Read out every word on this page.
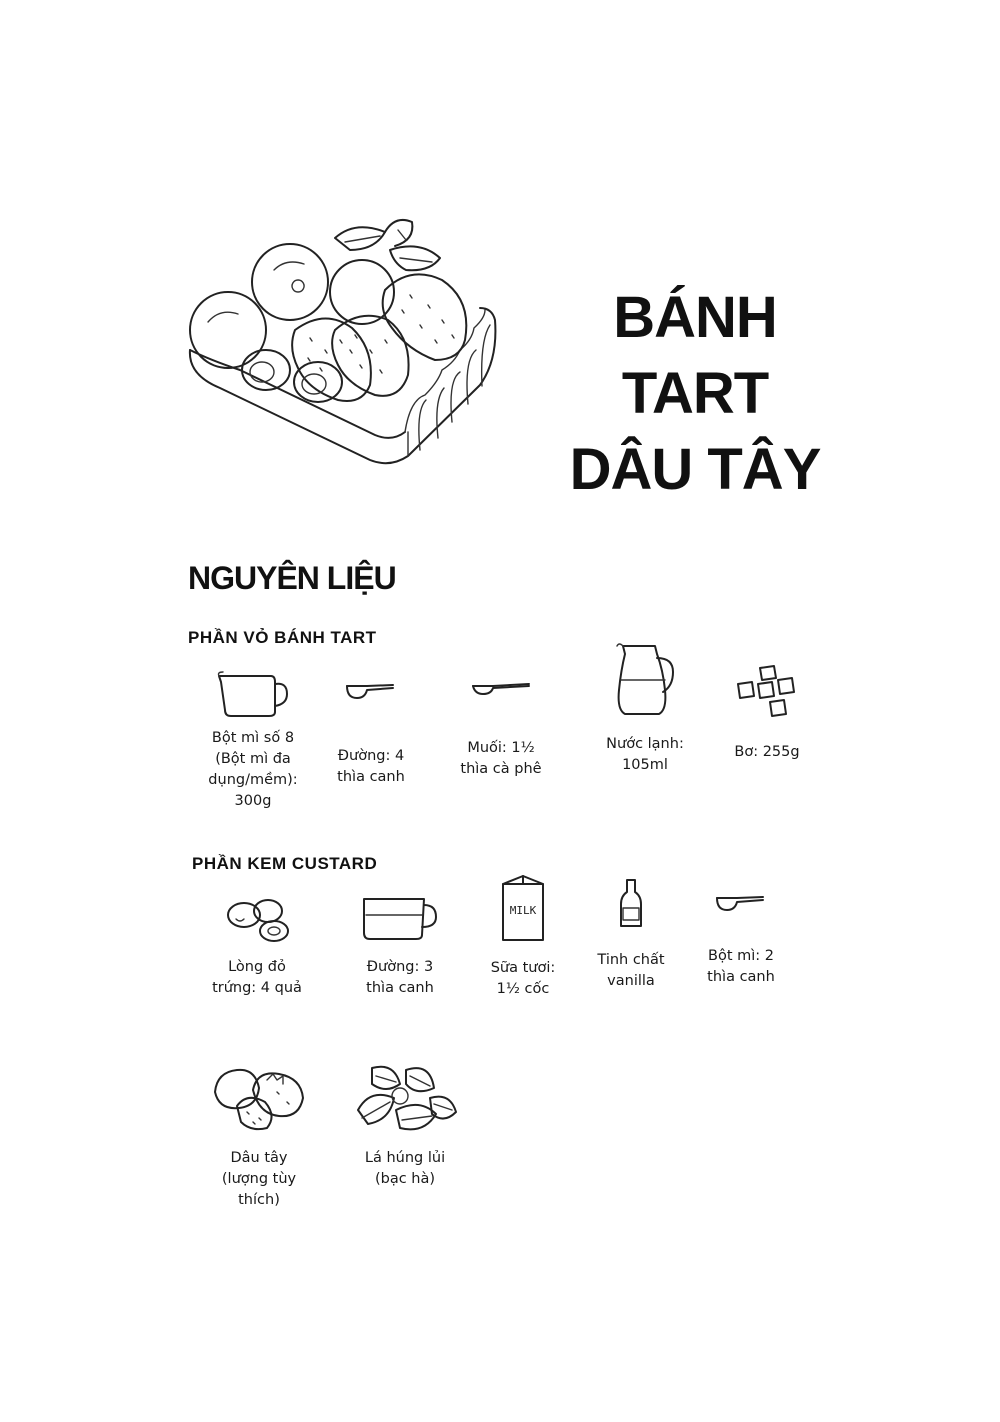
BÁNH TART
DÂU TÂY
NGUYÊN LIỆU
PHẦN VỎ BÁNH TART
Bột mì số 8
(Bột mì đa
dụng/mềm):
300g
Đường: 4
thìa canh
Muối: 1½
thìa cà phê
Nước lạnh:
105ml
Bơ: 255g
PHẦN KEM CUSTARD
Lòng đỏ
trứng: 4 quả
Đường: 3
thìa canh
MILK
Sữa tươi:
1½ cốc
Tinh chất
vanilla
Bột mì: 2
thìa canh
Dâu tây
(lượng tùy
thích)
Lá húng lủi
(bạc hà)
